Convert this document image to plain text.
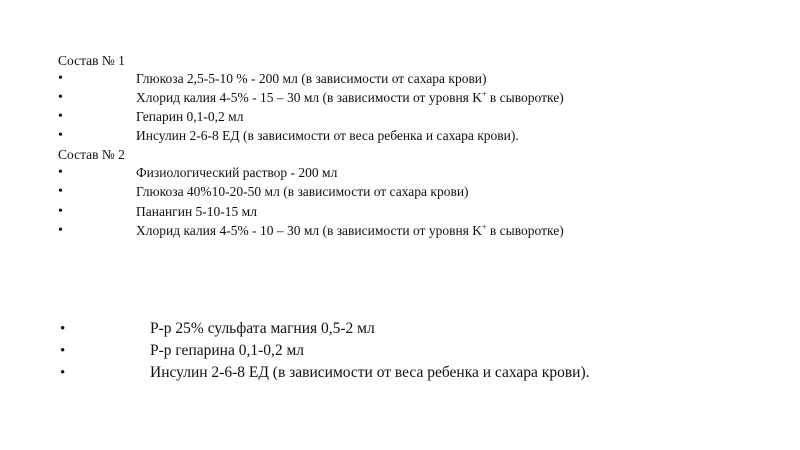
Состав № 1
•	Глюкоза 2,5-5-10 % - 200 мл (в зависимости от сахара крови)
•	Хлорид калия 4-5% - 15 – 30 мл (в зависимости от уровня K+ в сыворотке)
•	Гепарин 0,1-0,2 мл
•	Инсулин 2-6-8 ЕД (в зависимости от веса ребенка и сахара крови).
Состав № 2
•	Физиологический раствор - 200 мл
•	Глюкоза 40%10-20-50 мл (в зависимости от сахара крови)
•	Панангин 5-10-15 мл
•	Хлорид калия 4-5% - 10 – 30 мл (в зависимости от уровня K+ в сыворотке)
•	Р-р 25% сульфата магния 0,5-2 мл
•	Р-р гепарина 0,1-0,2 мл
•	Инсулин 2-6-8 ЕД (в зависимости от веса ребенка и сахара крови).
